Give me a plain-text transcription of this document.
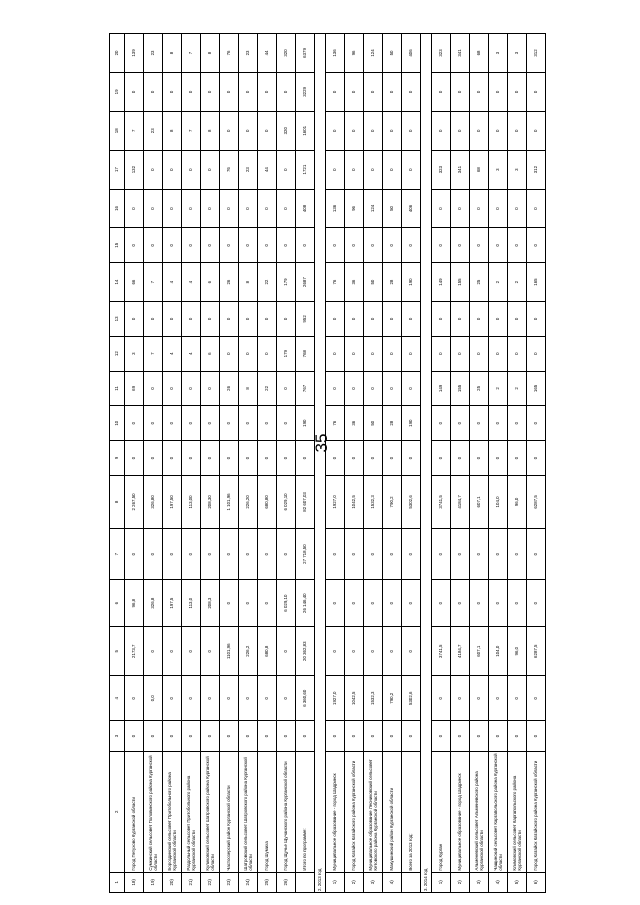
35
1	2	3	4	5	6	7	8	9	10	11	12	13	14	15	16	17	18	19	20
18)	Город Петухово Курганской области	0	0	2173,7	96,8	0	2 267,50	0	0	69	3	0	66	0	0	132	7	0	139
19)	Сумкинский сельсовет Половинского района Курганской области	0	0,0	0	326,8	0	326,80	0	0	0	7	0	7	0	0	0	23	0	23
20)	Бороздинский сельсовет Притобольного района Курганской области	0	0	0	197,5	0	197,50	0	0	0	4	0	4	0	0	0	8	0	8
21)	Раздольный сельсовет Притобольного района Курганской области	0	0	0	113,0	0	113,00	0	0	0	4	0	4	0	0	0	7	0	7
22)	Куликовский сельсовет Шатровского района Курганской области	0	0	0	208,3	0	208,30	0	0	0	6	0	6	0	0	0	8	0	8
23)	Частоозерский район Курганской области	0	0	1101,96	0	0	1 101,96	0	0	26	0	0	26	0	0	76	0	0	76
24)	Шатровский сельсовет Шатровского района Курганской области	0	0	226,2	0	0	226,20	0	0	8	0	0	8	0	0	23	0	0	23
25)	Город Шумиха	0	0	680,8	0	0	680,80	0	0	22	0	0	22	0	0	44	0	0	44
26)	Город Щучье Щучанского района Курганской области	0	0	0	6 029,10	0	6 029,10	0	0	0	179	0	179	0	0	0	320	0	320
	Итого по программе:	0	6 360,60	20 362,83	26 146,40	27 718,50	82 607,03	0	190	767	768	952	2687	0	408	1721	1601	3229	6379
2. 2013 год																			
1)	Муниципальное образование - город Шадринск	0	1927,0	0	0	0	1927,0	0	76	0	0	0	76	0	136	0	0	0	136
2)	Город Катайск Катайского района Курганской области	0	1042,5	0	0	0	1042,5	0	36	0	0	0	36	0	96	0	0	0	96
3)	Муниципальное образование Лесниковский сельсовет Кетовского района Курганской области	0	1532,3	0	0	0	1532,3	0	50	0	0	0	50	0	124	0	0	0	124
4)	Макушинский район Курганской области	0	790,2	0	0	0	790,2	0	28	0	0	0	28	0	50	0	0	0	50
	Всего за 2013 год:	0	5302,6	0	0	0	5302,6	0	190	0	0	0	190	0	406	0	0	0	406
3. 2014 год																			
1)	Город Курган	0	0	3741,5	0	0	3741,5	0	0	149	0	0	149	0	0	323	0	0	323
2)	Муниципальное образование - город Шадринск	0	0	4184,7	0	0	4184,7	0	0	155	0	0	155	0	0	341	0	0	341
3)	Альменевский сельсовет Альменевского района Курганской области	0	0	607,1	0	0	607,1	0	0	25	0	0	25	0	0	68	0	0	68
4)	Чащинский сельсовет Каргапольского района Курганской области	0	0	104,0	0	0	104,0	0	0	2	0	0	2	0	0	3	0	0	3
5)	Климовский сельсовет Каргапольского района Курганской области	0	0	96,0	0	0	96,0	0	0	2	0	0	2	0	0	3	0	0	3
6)	Город Катайск Катайского района Курганской области	0	0	6287,5	0	0	6287,5	0	0	165	0	0	165	0	0	312	0	0	312
